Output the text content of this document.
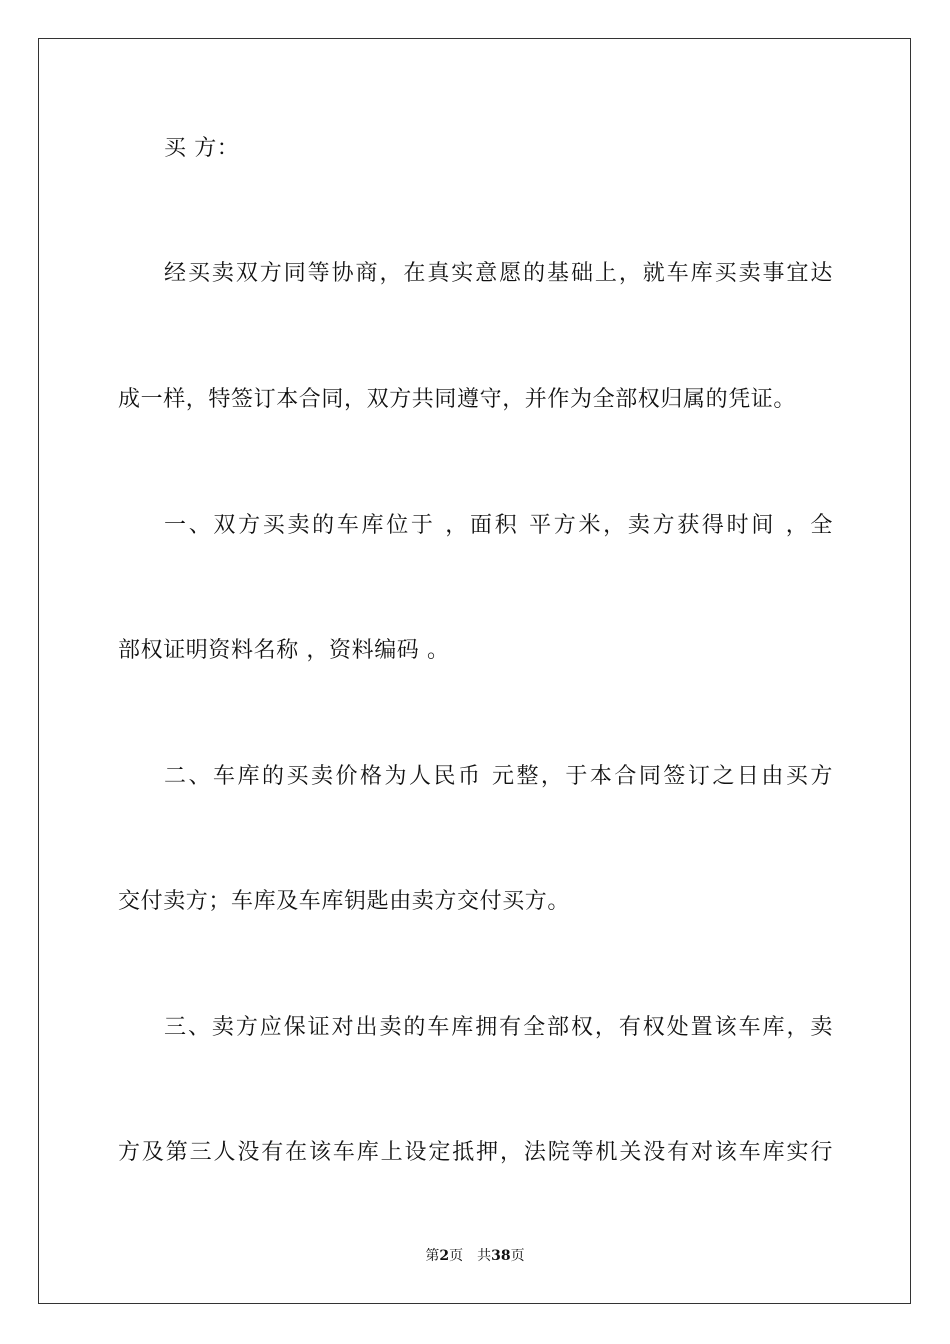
买 方：
经买卖双方同等协商，在真实意愿的基础上，就车库买卖事宜达
成一样，特签订本合同，双方共同遵守，并作为全部权归属的凭证。
一、双方买卖的车库位于 ，面积 平方米，卖方获得时间 ，全
部权证明资料名称 ，资料编码 。
二、车库的买卖价格为人民币 元整，于本合同签订之日由买方
交付卖方；车库及车库钥匙由卖方交付买方。
三、卖方应保证对出卖的车库拥有全部权，有权处置该车库，卖
方及第三人没有在该车库上设定抵押，法院等机关没有对该车库实行
第2页 共38页
